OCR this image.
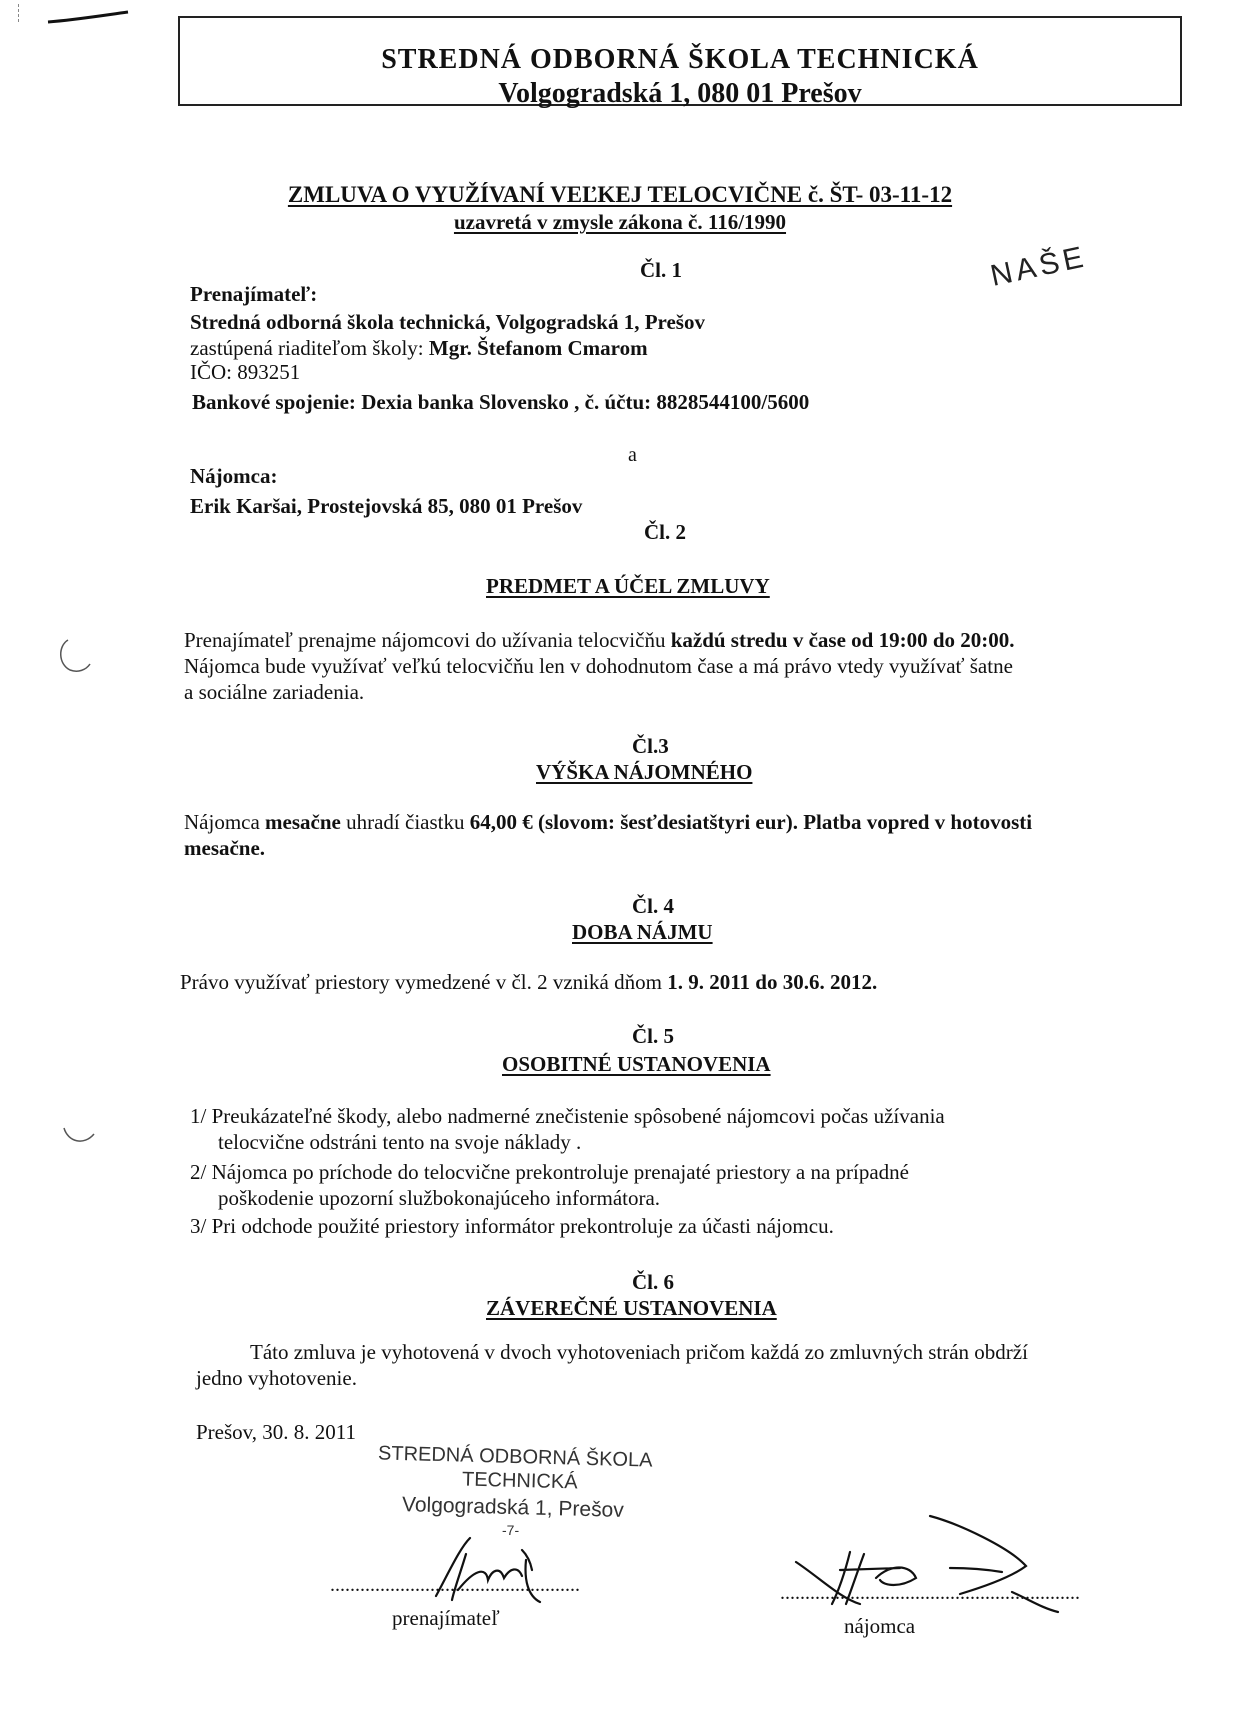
STREDNÁ ODBORNÁ ŠKOLA TECHNICKÁ
Volgogradská 1, 080 01 Prešov
ZMLUVA O VYUŽÍVANÍ VEĽKEJ TELOCVIČNE č. ŠT- 03-11-12
uzavretá v zmysle zákona č. 116/1990
NAŠE
Čl. 1
Prenajímateľ:
Stredná odborná škola technická, Volgogradská 1, Prešov
zastúpená riaditeľom školy: Mgr. Štefanom Cmarom
IČO: 893251
Bankové spojenie: Dexia banka Slovensko , č. účtu: 8828544100/5600
a
Nájomca:
Erik Karšai, Prostejovská 85, 080 01 Prešov
Čl. 2
PREDMET A ÚČEL ZMLUVY
Prenajímateľ prenajme nájomcovi do užívania telocvičňu každú stredu v čase od 19:00 do 20:00.
Nájomca bude využívať veľkú telocvičňu len v dohodnutom čase a má právo vtedy využívať šatne
a sociálne zariadenia.
Čl.3
VÝŠKA NÁJOMNÉHO
Nájomca mesačne uhradí čiastku 64,00 € (slovom: šesťdesiatštyri eur). Platba vopred v hotovosti
mesačne.
Čl. 4
DOBA NÁJMU
Právo využívať priestory vymedzené v čl. 2 vzniká dňom 1. 9. 2011 do 30.6. 2012.
Čl. 5
OSOBITNÉ USTANOVENIA
1/ Preukázateľné škody, alebo nadmerné znečistenie spôsobené nájomcovi počas užívania
telocvične odstráni tento na svoje náklady .
2/ Nájomca po príchode do telocvične prekontroluje prenajaté priestory a na prípadné
poškodenie upozorní službokonajúceho informátora.
3/ Pri odchode použité priestory informátor prekontroluje za účasti nájomcu.
Čl. 6
ZÁVEREČNÉ USTANOVENIA
Táto zmluva je vyhotovená v dvoch vyhotoveniach pričom každá zo zmluvných strán obdrží
jedno vyhotovenie.
Prešov, 30. 8. 2011
STREDNÁ ODBORNÁ ŠKOLA
TECHNICKÁ
Volgogradská 1, Prešov
-7-
..................................................
prenajímateľ
............................................................
nájomca
